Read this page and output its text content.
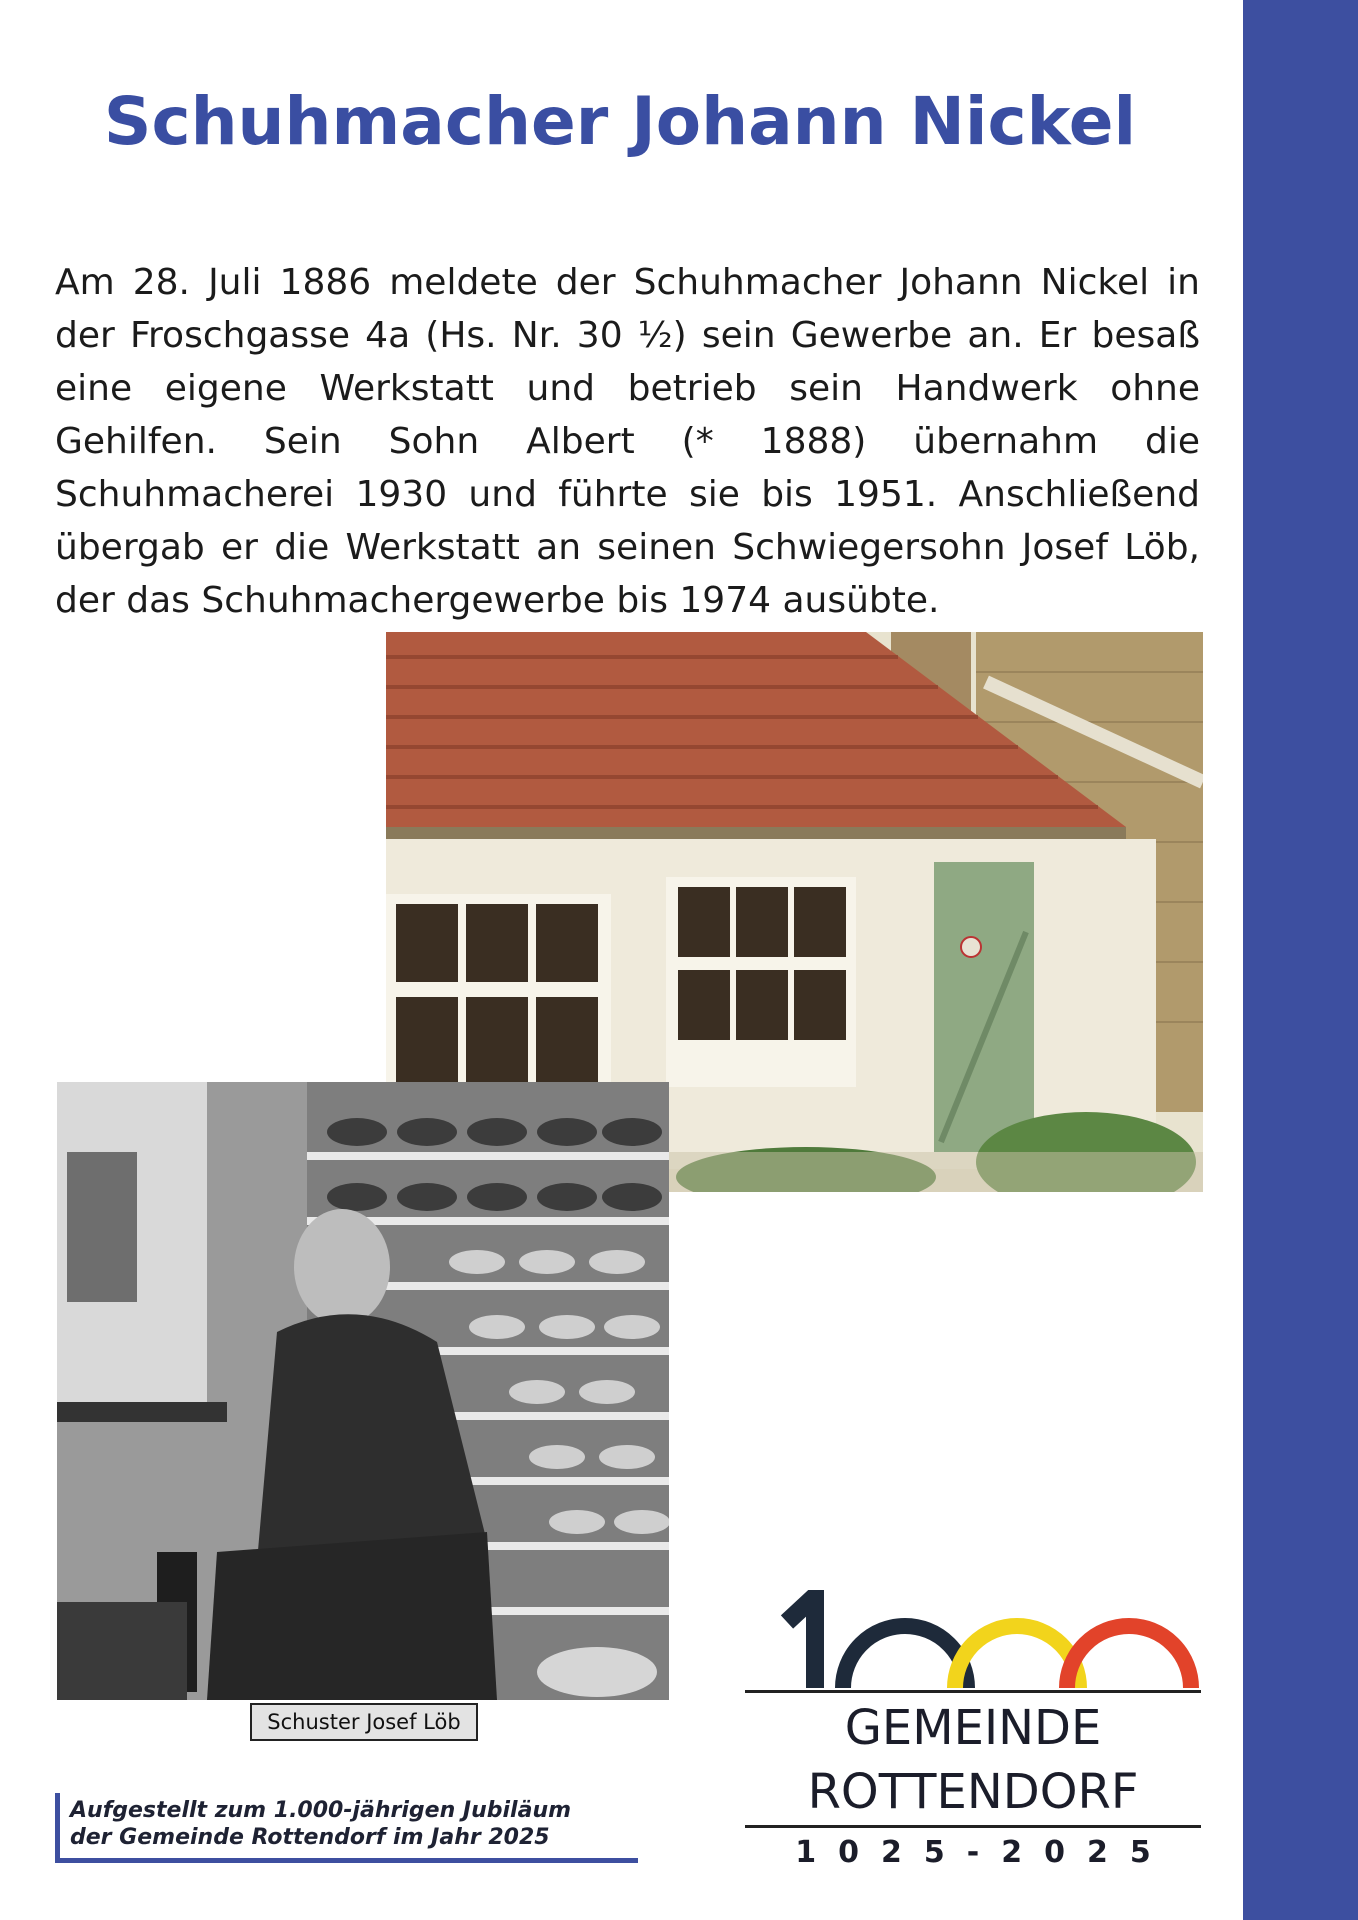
Schuhmacher Johann Nickel

Am 28. Juli 1886 meldete der Schuhmacher Johann Nickel in der Froschgasse 4a (Hs. Nr. 30 ½) sein Gewerbe an. Er besaß eine eigene Werkstatt und betrieb sein Handwerk ohne Gehilfen. Sein Sohn Albert (* 1888) übernahm die Schuhmacherei 1930 und führte sie bis 1951. Anschließend übergab er die Werkstatt an seinen Schwiegersohn Josef Löb, der das Schuhmachergewerbe bis 1974 ausübte.

Schuster Josef Löb
Aufgestellt zum 1.000-jährigen Jubiläum
der Gemeinde Rottendorf im Jahr 2025
GEMEINDE
ROTTENDORF
1025-2025
